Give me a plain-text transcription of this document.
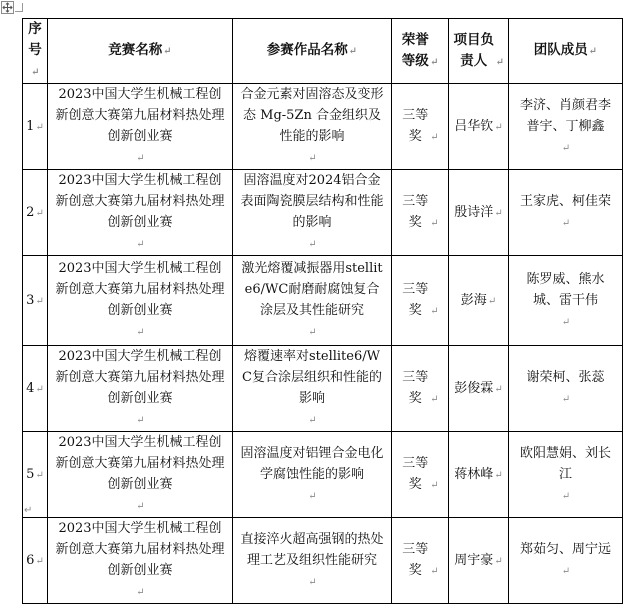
序号↵	竞赛名称↵	参赛作品名称↵	荣誉等级 ↵	项目负责人 ↵	团队成员↵
1↵	2023中国大学生机械工程创新创意大赛第九届材料热处理创新创业赛↵	合金元素对固溶态及变形态 Mg-5Zn 合金组织及性能的影响↵	三等奖 ↵	吕华钦↵	李济、肖颜君李普宇、丁柳鑫↵
2↵	2023中国大学生机械工程创新创意大赛第九届材料热处理创新创业赛↵	固溶温度对2024铝合金表面陶瓷膜层结构和性能的影响↵	三等奖 ↵	殷诗洋↵	王家虎、柯佳荣↵
3↵	2023中国大学生机械工程创新创意大赛第九届材料热处理创新创业赛↵	激光熔覆减振器用stellite6/WC耐磨耐腐蚀复合涂层及其性能研究↵	三等奖 ↵	彭海↵	陈罗威、熊水城、雷干伟↵
4↵	2023中国大学生机械工程创新创意大赛第九届材料热处理创新创业赛↵	熔覆速率对stellite6/WC复合涂层组织和性能的影响↵	三等奖 ↵	彭俊霖↵	谢荣柯、张蕊↵
5↵	2023中国大学生机械工程创新创意大赛第九届材料热处理创新创业赛↵	固溶温度对铝锂合金电化学腐蚀性能的影响↵	三等奖 ↵	蒋林峰↵	欧阳慧娟、刘长江↵
6↵	2023中国大学生机械工程创新创意大赛第九届材料热处理创新创业赛↵	直接淬火超高强钢的热处理工艺及组织性能研究↵	三等奖 ↵	周宇豪↵	郑茹匀、周宁远↵
↵
